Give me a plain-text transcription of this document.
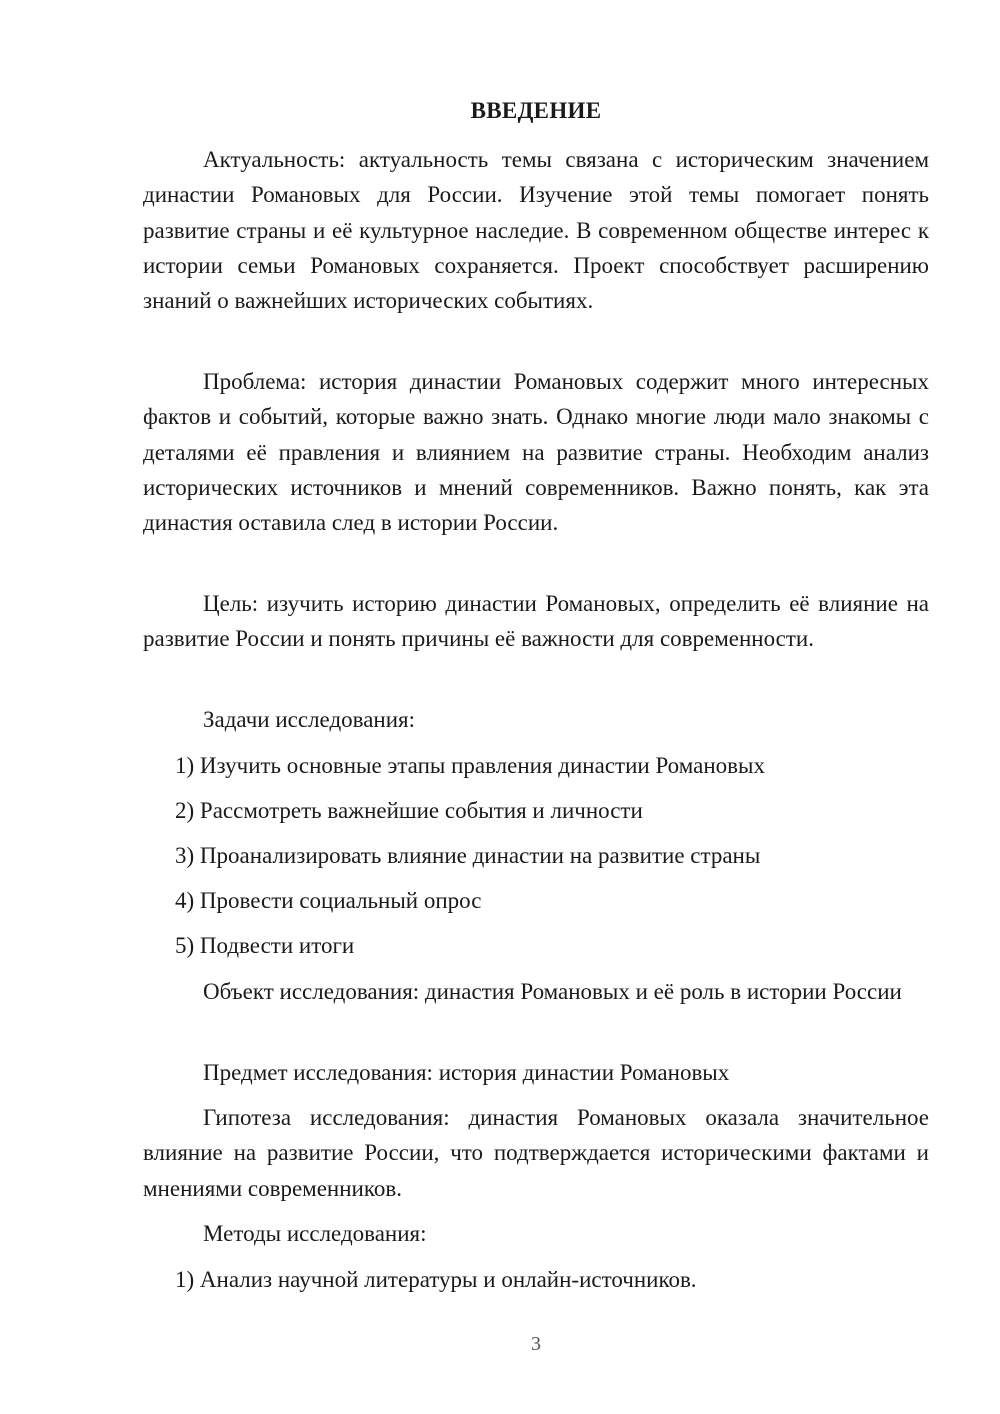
ВВЕДЕНИЕ
Актуальность: актуальность темы связана с историческим значением династии Романовых для России. Изучение этой темы помогает понять развитие страны и её культурное наследие. В современном обществе интерес к истории семьи Романовых сохраняется. Проект способствует расширению знаний о важнейших исторических событиях.
Проблема: история династии Романовых содержит много интересных фактов и событий, которые важно знать. Однако многие люди мало знакомы с деталями её правления и влиянием на развитие страны. Необходим анализ исторических источников и мнений современников. Важно понять, как эта династия оставила след в истории России.
Цель: изучить историю династии Романовых, определить её влияние на развитие России и понять причины её важности для современности.
Задачи исследования:
1) Изучить основные этапы правления династии Романовых
2) Рассмотреть важнейшие события и личности
3) Проанализировать влияние династии на развитие страны
4) Провести социальный опрос
5) Подвести итоги
Объект исследования: династия Романовых и её роль в истории России
Предмет исследования: история династии Романовых
Гипотеза исследования: династия Романовых оказала значительное влияние на развитие России, что подтверждается историческими фактами и мнениями современников.
Методы исследования:
1) Анализ научной литературы и онлайн-источников.
3
